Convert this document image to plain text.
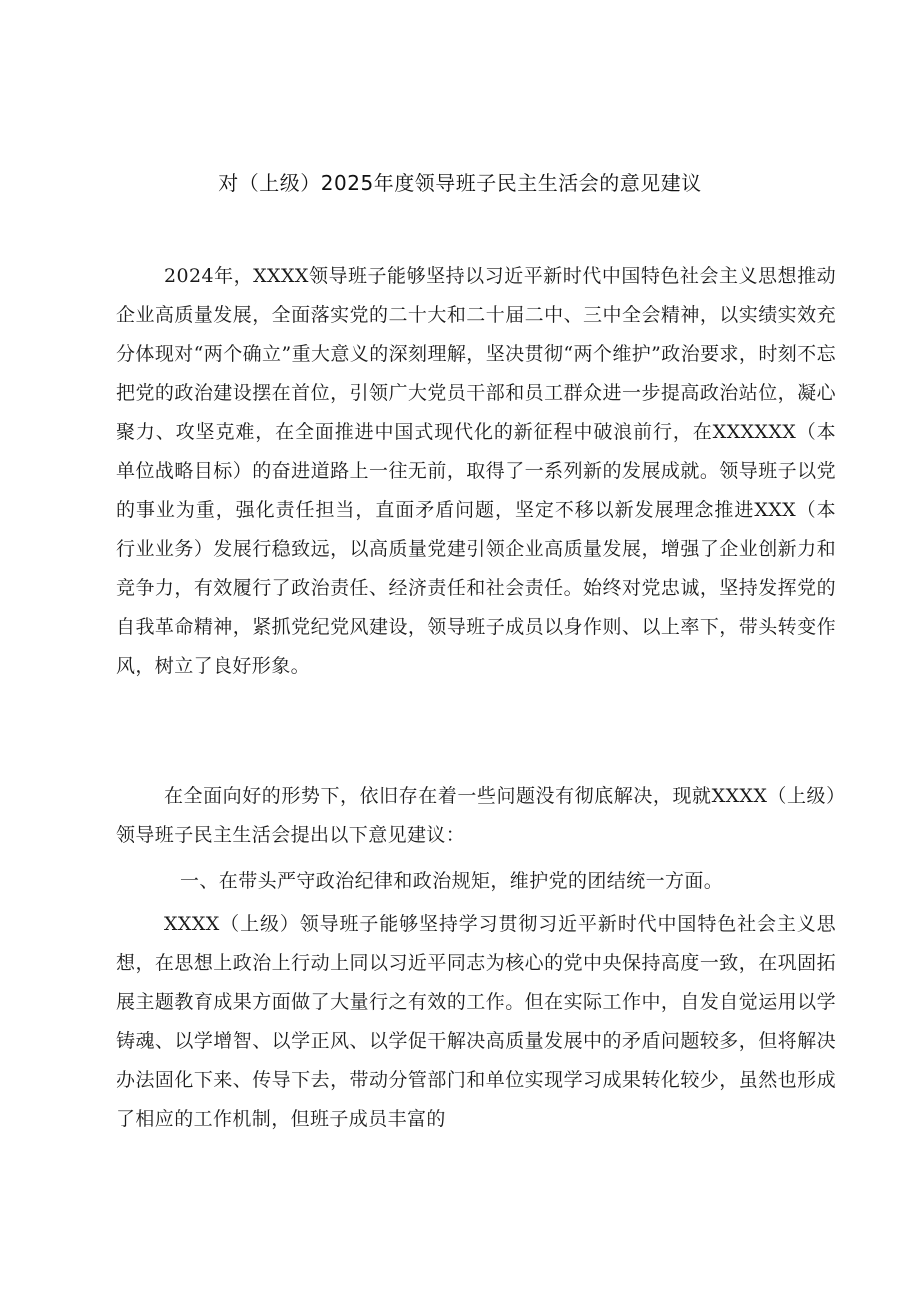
对（上级）2025年度领导班子民主生活会的意见建议

2024年，XXXX领导班子能够坚持以习近平新时代中国特色社会主义思想推动企业高质量发展，全面落实党的二十大和二十届二中、三中全会精神，以实绩实效充分体现对“两个确立”重大意义的深刻理解，坚决贯彻“两个维护”政治要求，时刻不忘把党的政治建设摆在首位，引领广大党员干部和员工群众进一步提高政治站位，凝心聚力、攻坚克难，在全面推进中国式现代化的新征程中破浪前行，在XXXXXX（本单位战略目标）的奋进道路上一往无前，取得了一系列新的发展成就。领导班子以党的事业为重，强化责任担当，直面矛盾问题，坚定不移以新发展理念推进XXX（本行业业务）发展行稳致远，以高质量党建引领企业高质量发展，增强了企业创新力和竞争力，有效履行了政治责任、经济责任和社会责任。始终对党忠诚，坚持发挥党的自我革命精神，紧抓党纪党风建设，领导班子成员以身作则、以上率下，带头转变作风，树立了良好形象。

在全面向好的形势下，依旧存在着一些问题没有彻底解决，现就XXXX（上级）领导班子民主生活会提出以下意见建议：

一、在带头严守政治纪律和政治规矩，维护党的团结统一方面。

XXXX（上级）领导班子能够坚持学习贯彻习近平新时代中国特色社会主义思想，在思想上政治上行动上同以习近平同志为核心的党中央保持高度一致，在巩固拓展主题教育成果方面做了大量行之有效的工作。但在实际工作中，自发自觉运用以学铸魂、以学增智、以学正风、以学促干解决高质量发展中的矛盾问题较多，但将解决办法固化下来、传导下去，带动分管部门和单位实现学习成果转化较少，虽然也形成了相应的工作机制，但班子成员丰富的
